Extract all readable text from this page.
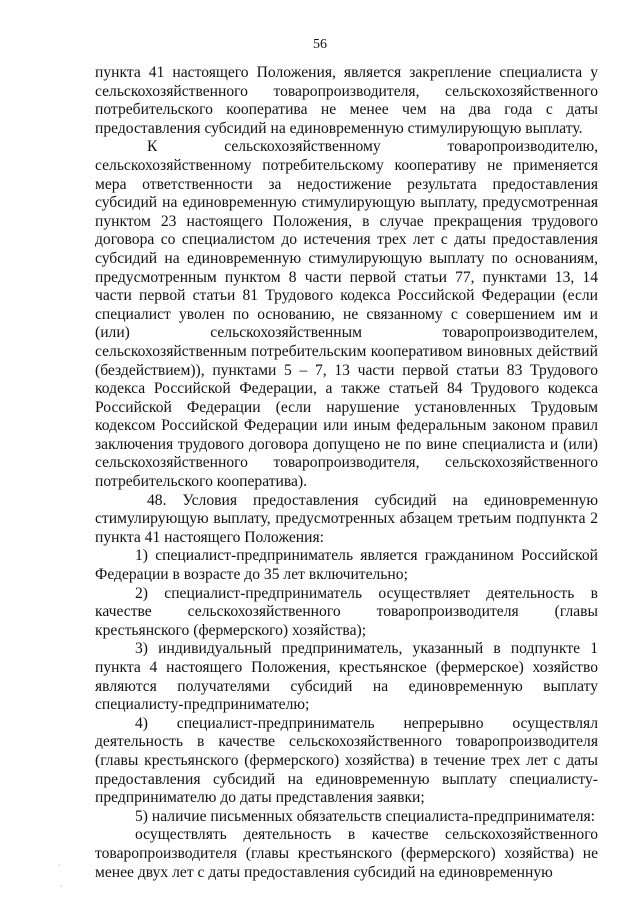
56

пункта 41 настоящего Положения, является закрепление специалиста у сельскохозяйственного товаропроизводителя, сельскохозяйственного потребительского кооператива не менее чем на два года с даты предоставления субсидий на единовременную стимулирующую выплату.

К сельскохозяйственному товаропроизводителю, сельскохозяйственному потребительскому кооперативу не применяется мера ответственности за недостижение результата предоставления субсидий на единовременную стимулирующую выплату, предусмотренная пунктом 23 настоящего Положения, в случае прекращения трудового договора со специалистом до истечения трех лет с даты предоставления субсидий на единовременную стимулирующую выплату по основаниям, предусмотренным пунктом 8 части первой статьи 77, пунктами 13, 14 части первой статьи 81 Трудового кодекса Российской Федерации (если специалист уволен по основанию, не связанному с совершением им и (или) сельскохозяйственным товаропроизводителем, сельскохозяйственным потребительским кооперативом виновных действий (бездействием)), пунктами 5 – 7, 13 части первой статьи 83 Трудового кодекса Российской Федерации, а также статьей 84 Трудового кодекса Российской Федерации (если нарушение установленных Трудовым кодексом Российской Федерации или иным федеральным законом правил заключения трудового договора допущено не по вине специалиста и (или) сельскохозяйственного товаропроизводителя, сельскохозяйственного потребительского кооператива).

48. Условия предоставления субсидий на единовременную стимулирующую выплату, предусмотренных абзацем третьим подпункта 2 пункта 41 настоящего Положения:

1) специалист-предприниматель является гражданином Российской Федерации в возрасте до 35 лет включительно;

2) специалист-предприниматель осуществляет деятельность в качестве сельскохозяйственного товаропроизводителя (главы крестьянского (фермерского) хозяйства);

3) индивидуальный предприниматель, указанный в подпункте 1 пункта 4 настоящего Положения, крестьянское (фермерское) хозяйство являются получателями субсидий на единовременную выплату специалисту-предпринимателю;

4) специалист-предприниматель непрерывно осуществлял деятельность в качестве сельскохозяйственного товаропроизводителя (главы крестьянского (фермерского) хозяйства) в течение трех лет с даты предоставления субсидий на единовременную выплату специалисту-предпринимателю до даты представления заявки;

5) наличие письменных обязательств специалиста-предпринимателя:

осуществлять деятельность в качестве сельскохозяйственного товаропроизводителя (главы крестьянского (фермерского) хозяйства) не менее двух лет с даты предоставления субсидий на единовременную

·
·
